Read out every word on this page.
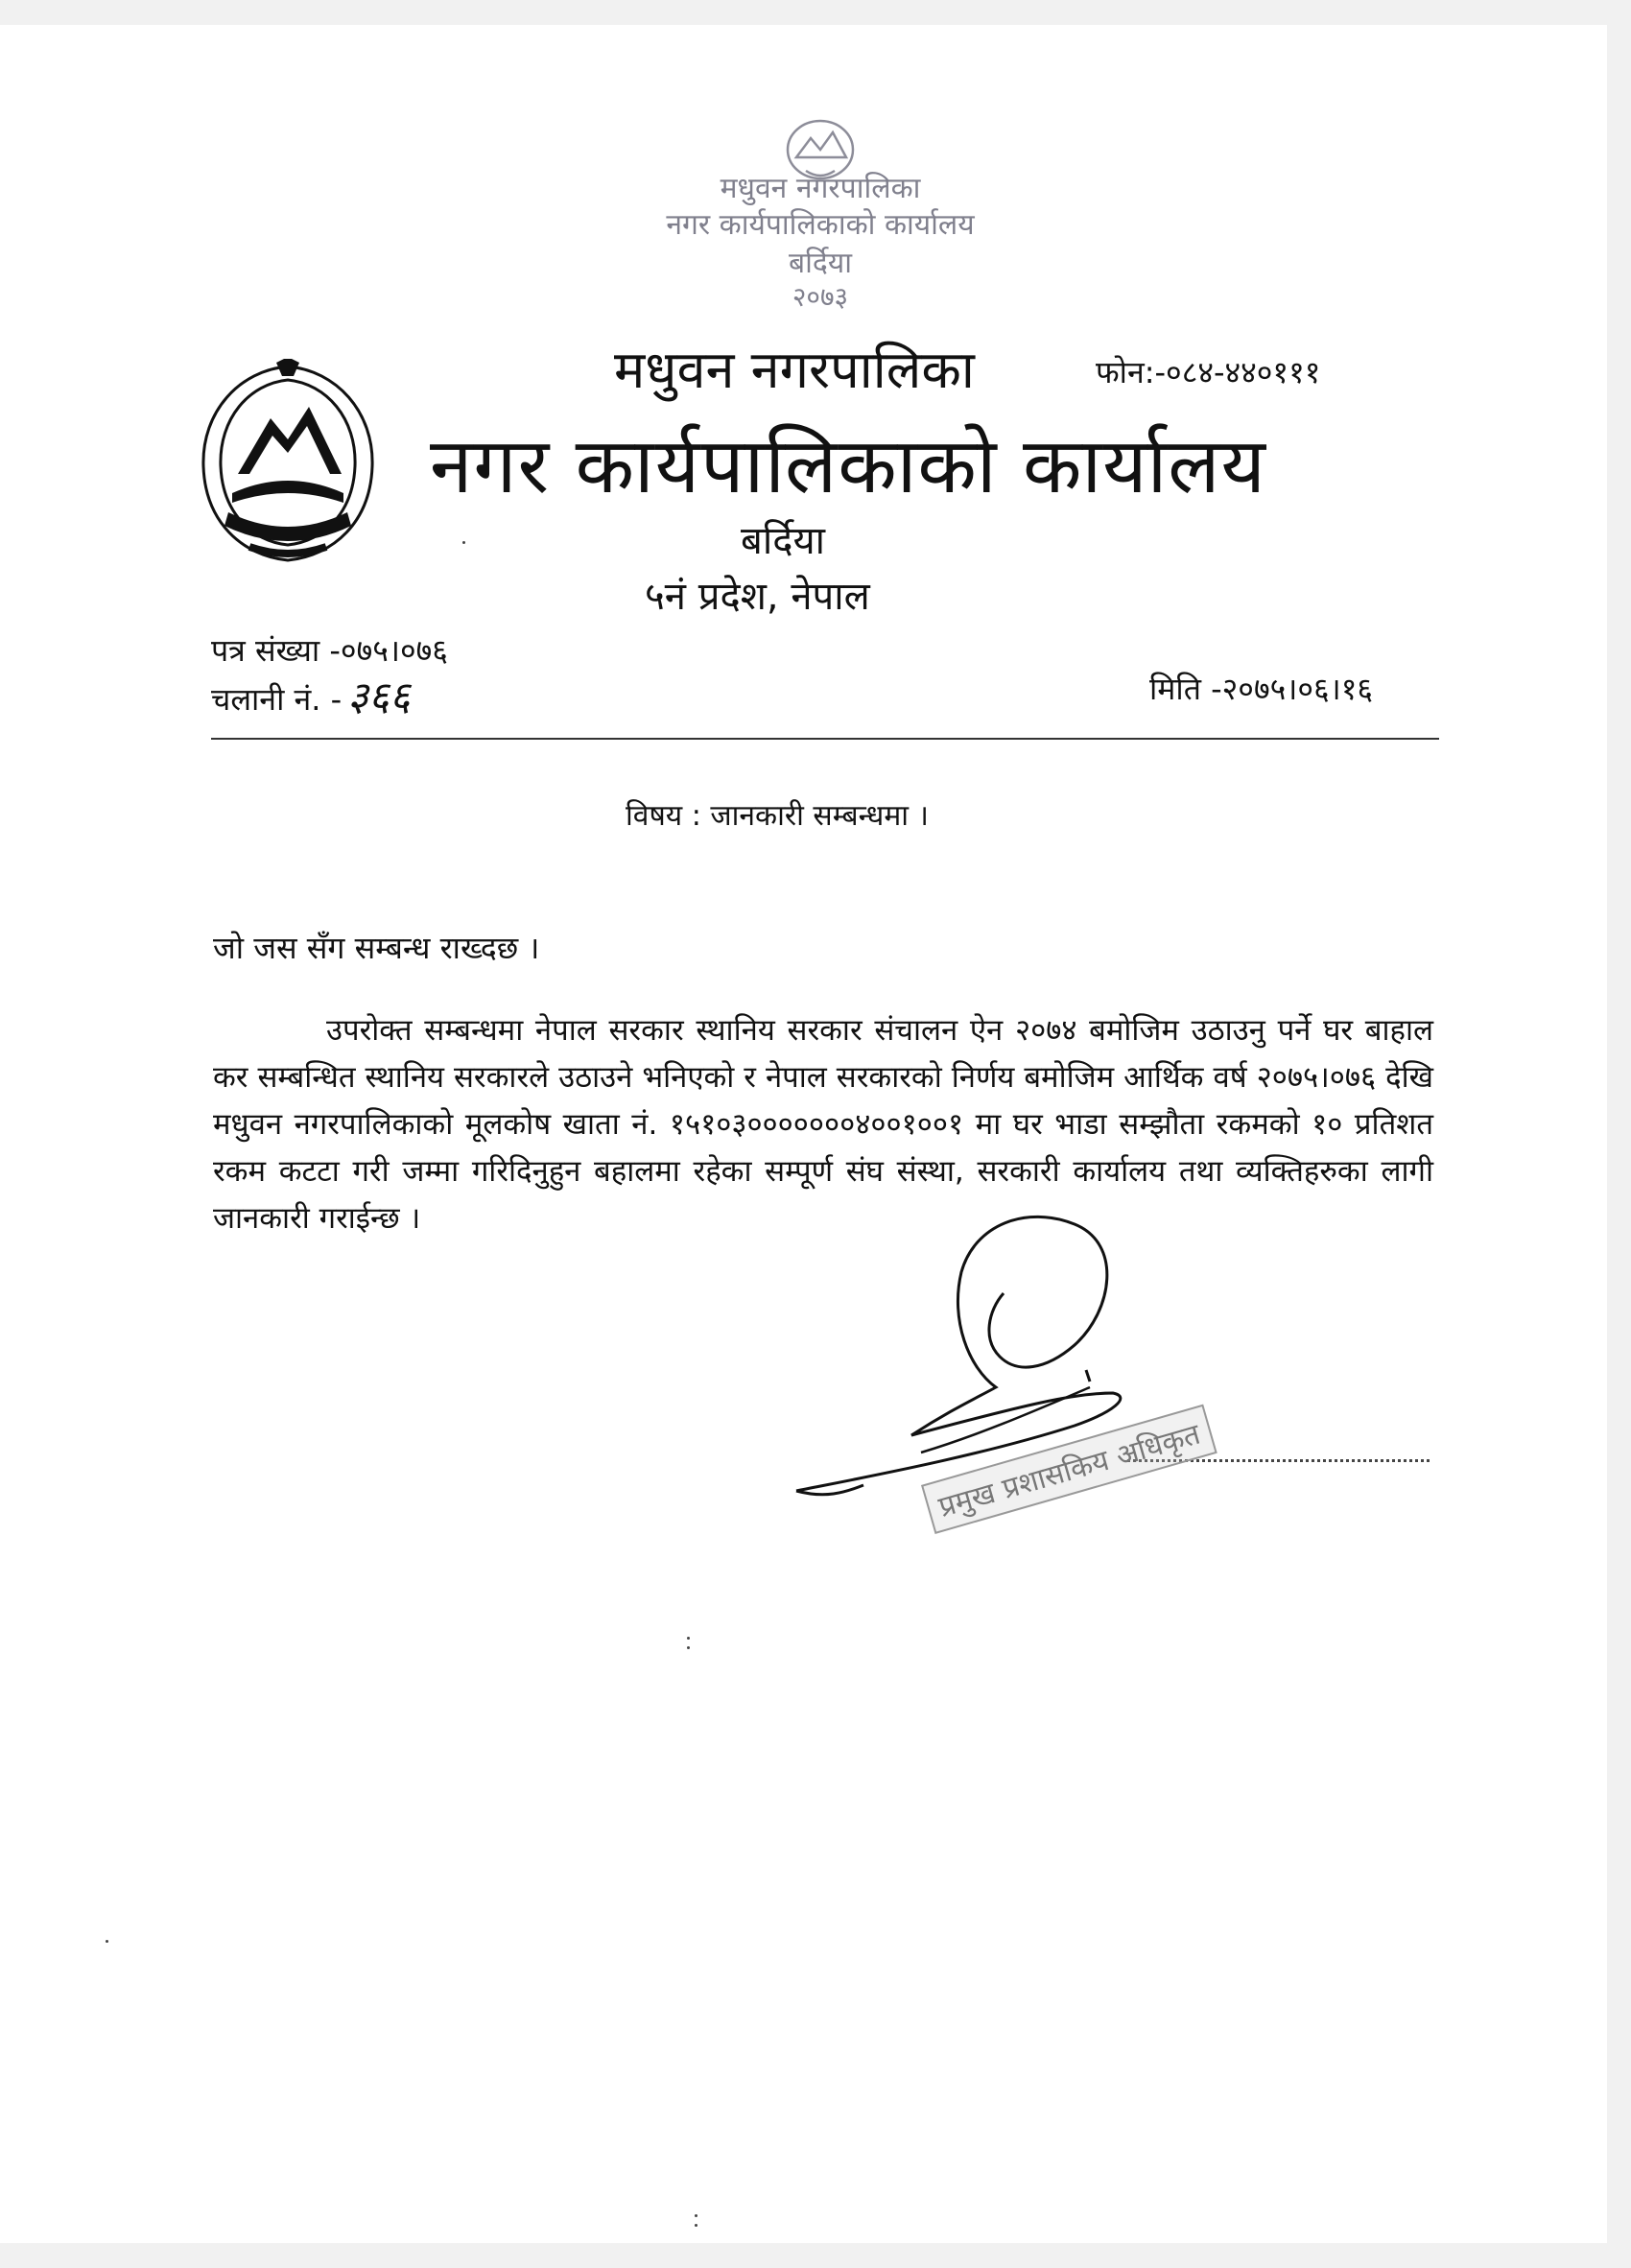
मधुवन नगरपालिका
नगर कार्यपालिकाको कार्यालय
बर्दिया
२०७३
मधुवन नगरपालिका	फोन:-०८४-४४०१११
नगर कार्यपालिकाको कार्यालय
बर्दिया
५नं प्रदेश, नेपाल
पत्र संख्या -०७५।०७६
चलानी नं. - ३६६	मिति -२०७५।०६।१६
विषय : जानकारी सम्बन्धमा ।
जो जस सँग सम्बन्ध राख्दछ ।

उपरोक्त सम्बन्धमा नेपाल सरकार स्थानिय सरकार संचालन ऐन २०७४ बमोजिम उठाउनु पर्ने घर बाहाल कर सम्बन्धित स्थानिय सरकारले उठाउने भनिएको र नेपाल सरकारको निर्णय बमोजिम आर्थिक वर्ष २०७५।०७६ देखि मधुवन नगरपालिकाको मूलकोष खाता नं. १५१०३०००००००४००१००१ मा घर भाडा सम्झौता रकमको १० प्रतिशत रकम कटटा गरी जम्मा गरिदिनुहुन बहालमा रहेका सम्पूर्ण संघ संस्था, सरकारी कार्यालय तथा व्यक्तिहरुका लागी जानकारी गराईन्छ ।

प्रमुख प्रशासकिय अधिकृत
